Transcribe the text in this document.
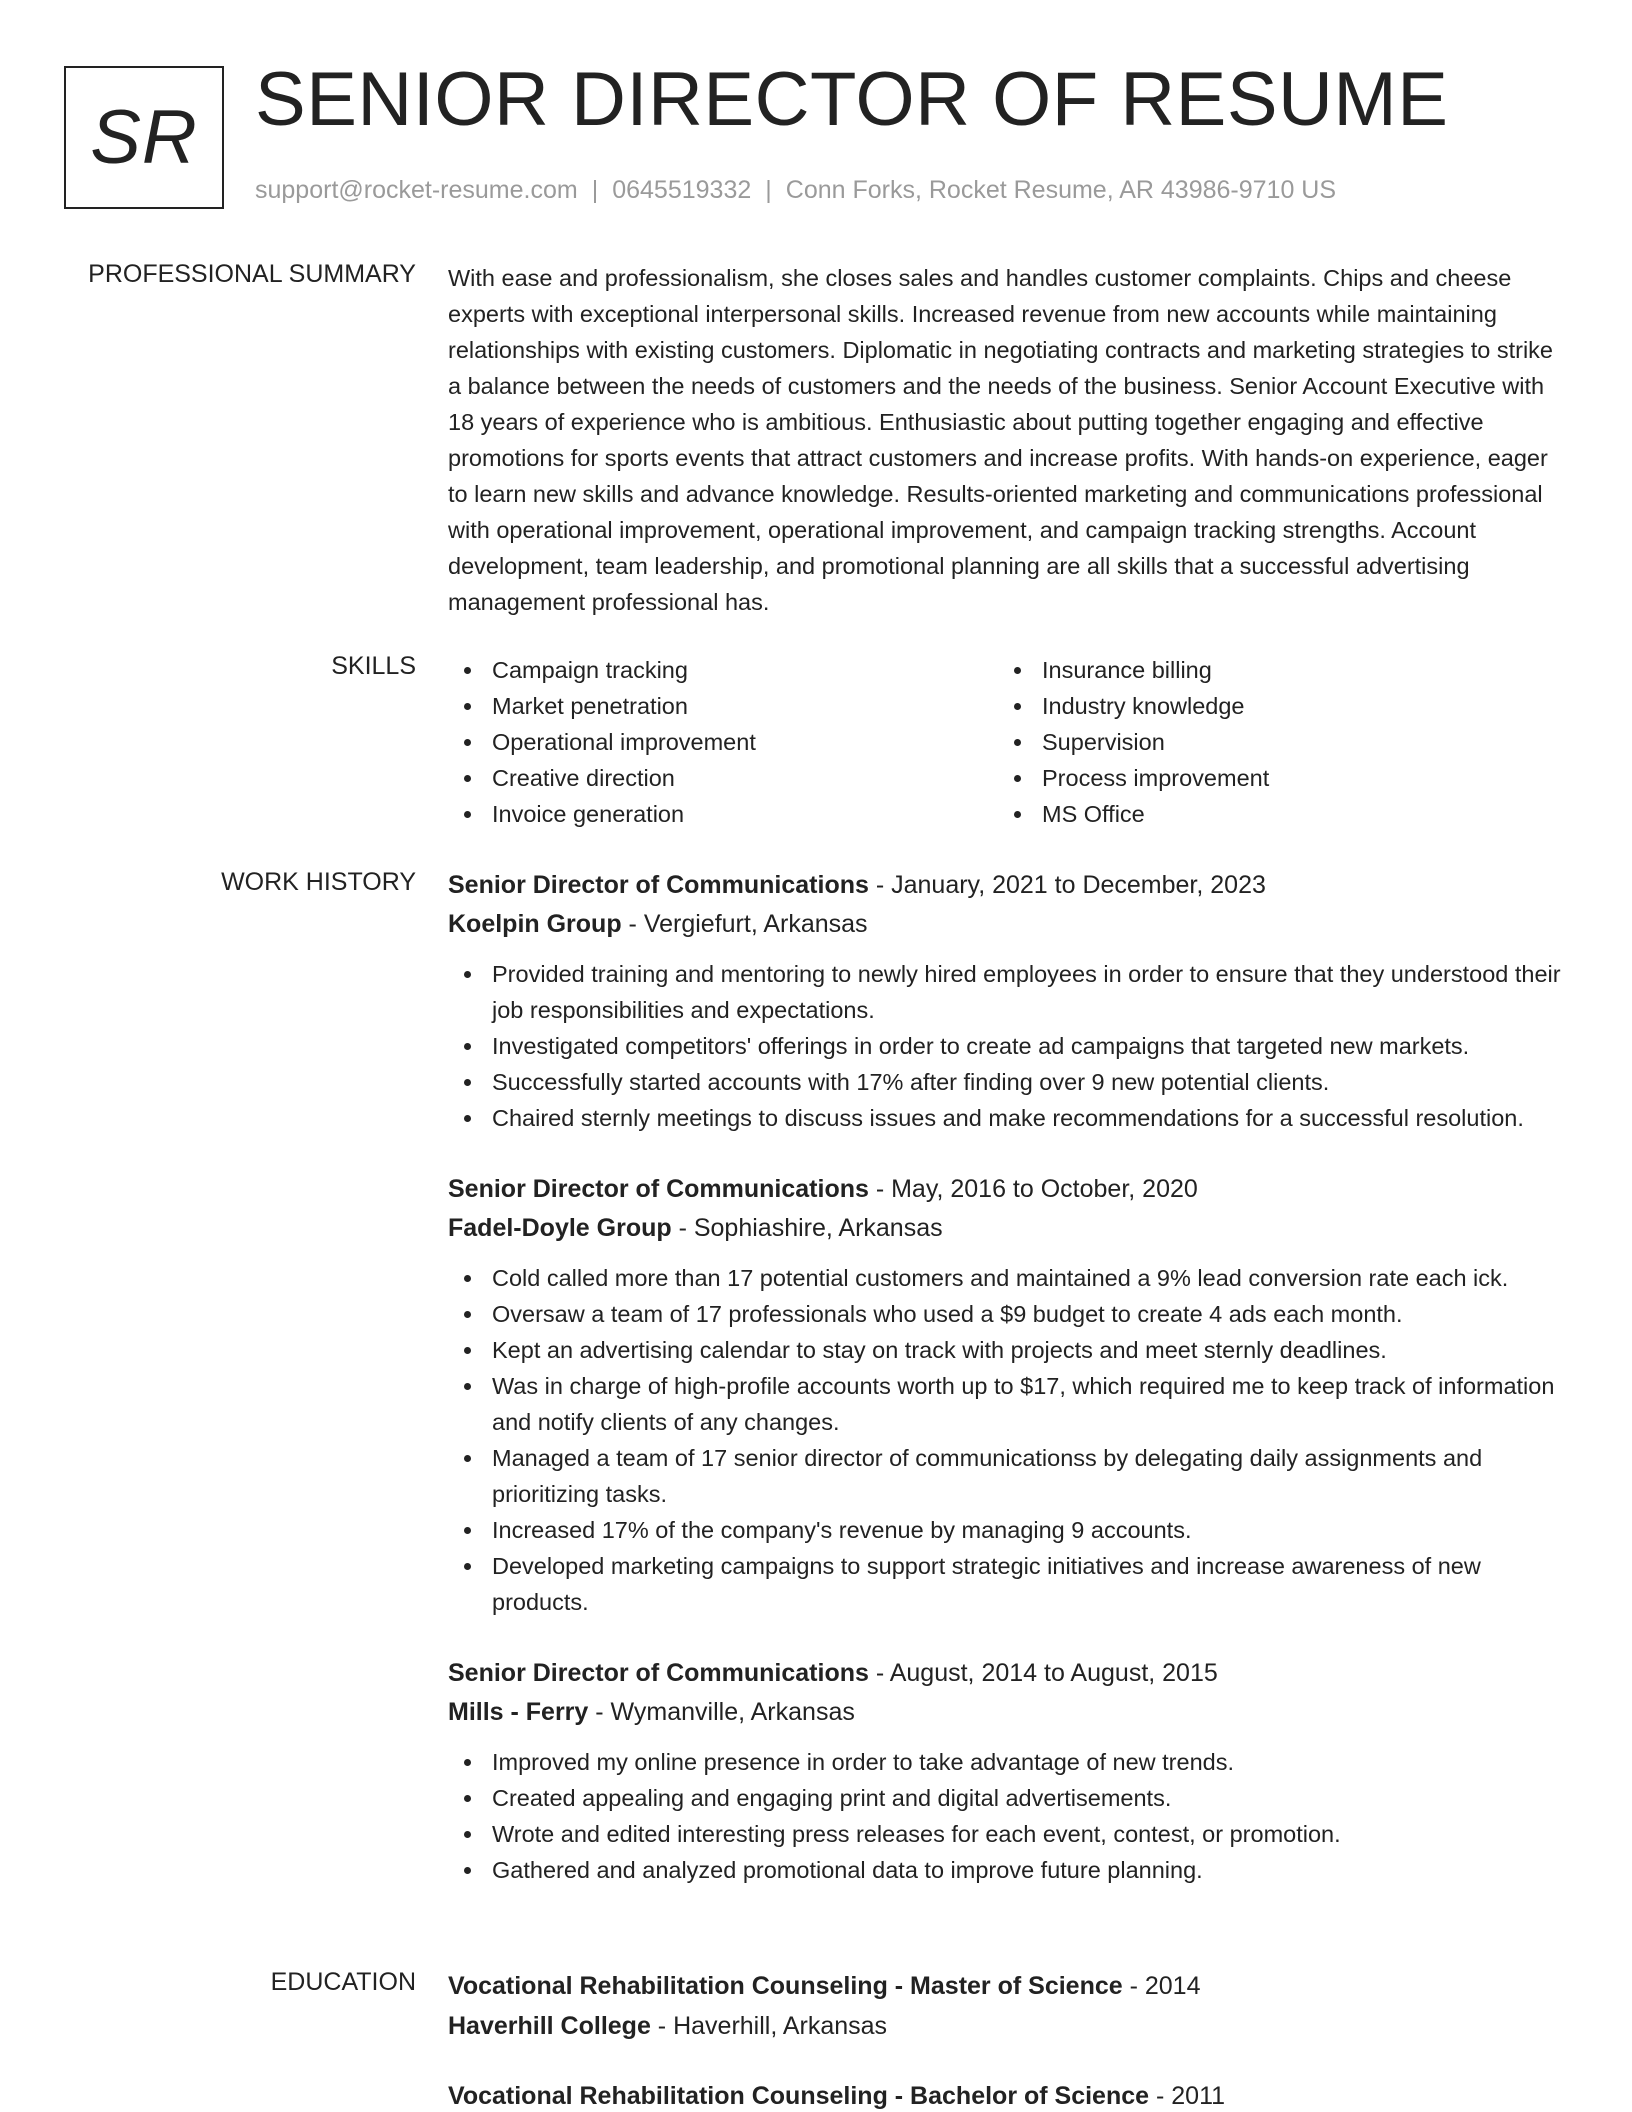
SR SENIOR DIRECTOR OF RESUME
support@rocket-resume.com | 0645519332 | Conn Forks, Rocket Resume, AR 43986-9710 US
PROFESSIONAL SUMMARY With ease and professionalism, she closes sales and handles customer complaints. Chips and cheese experts with exceptional interpersonal skills. Increased revenue from new accounts while maintaining relationships with existing customers. Diplomatic in negotiating contracts and marketing strategies to strike a balance between the needs of customers and the needs of the business. Senior Account Executive with 18 years of experience who is ambitious. Enthusiastic about putting together engaging and effective promotions for sports events that attract customers and increase profits. With hands-on experience, eager to learn new skills and advance knowledge. Results-oriented marketing and communications professional with operational improvement, operational improvement, and campaign tracking strengths. Account development, team leadership, and promotional planning are all skills that a successful advertising management professional has.
SKILLS	Campaign tracking
Market penetration
Operational improvement
Creative direction
Invoice generation
Insurance billing
Industry knowledge
Supervision
Process improvement
MS Office
WORK HISTORY Senior Director of Communications - January, 2021 to December, 2023
Koelpin Group - Vergiefurt, Arkansas
Provided training and mentoring to newly hired employees in order to ensure that they understood their job responsibilities and expectations.
Investigated competitors' offerings in order to create ad campaigns that targeted new markets.
Successfully started accounts with 17% after finding over 9 new potential clients.
Chaired sternly meetings to discuss issues and make recommendations for a successful resolution.
Senior Director of Communications - May, 2016 to October, 2020
Fadel-Doyle Group - Sophiashire, Arkansas
Cold called more than 17 potential customers and maintained a 9% lead conversion rate each ick.
Oversaw a team of 17 professionals who used a $9 budget to create 4 ads each month.
Kept an advertising calendar to stay on track with projects and meet sternly deadlines.
Was in charge of high-profile accounts worth up to $17, which required me to keep track of information and notify clients of any changes.
Managed a team of 17 senior director of communicationss by delegating daily assignments and prioritizing tasks.
Increased 17% of the company's revenue by managing 9 accounts.
Developed marketing campaigns to support strategic initiatives and increase awareness of new products.
Senior Director of Communications - August, 2014 to August, 2015
Mills - Ferry - Wymanville, Arkansas
Improved my online presence in order to take advantage of new trends.
Created appealing and engaging print and digital advertisements.
Wrote and edited interesting press releases for each event, contest, or promotion.
Gathered and analyzed promotional data to improve future planning.
EDUCATION Vocational Rehabilitation Counseling - Master of Science - 2014
Haverhill College - Haverhill, Arkansas
Vocational Rehabilitation Counseling - Bachelor of Science - 2011
